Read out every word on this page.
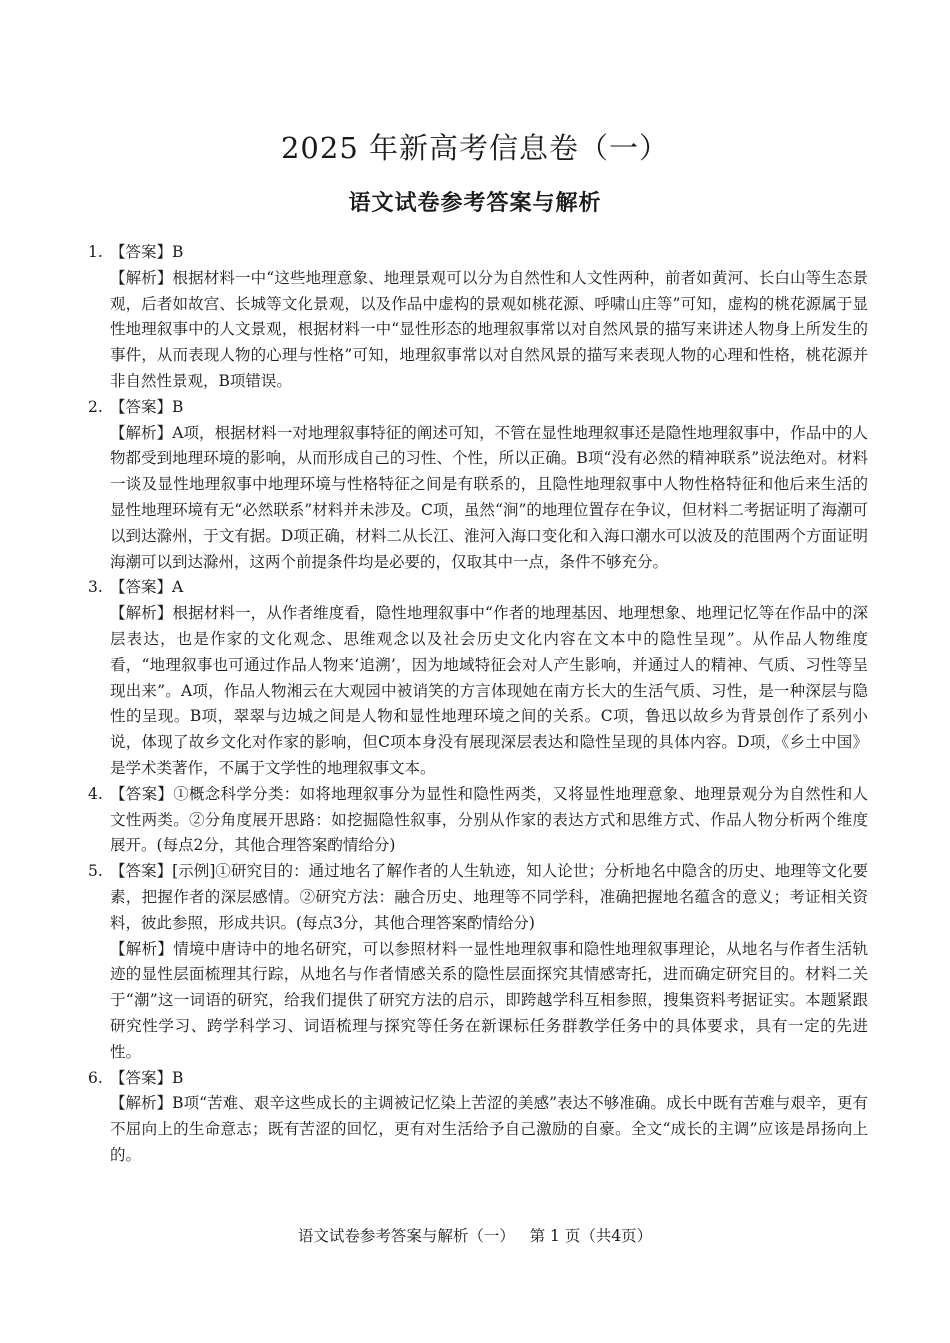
2025 年新高考信息卷（一）
语文试卷参考答案与解析
1. 【答案】B
【解析】根据材料一中“这些地理意象、地理景观可以分为自然性和人文性两种，前者如黄河、长白山等生态景观，后者如故宫、长城等文化景观，以及作品中虚构的景观如桃花源、呼啸山庄等”可知，虚构的桃花源属于显性地理叙事中的人文景观，根据材料一中“显性形态的地理叙事常以对自然风景的描写来讲述人物身上所发生的事件，从而表现人物的心理与性格”可知，地理叙事常以对自然风景的描写来表现人物的心理和性格，桃花源并非自然性景观，B项错误。
2. 【答案】B
【解析】A项，根据材料一对地理叙事特征的阐述可知，不管在显性地理叙事还是隐性地理叙事中，作品中的人物都受到地理环境的影响，从而形成自己的习性、个性，所以正确。B项“没有必然的精神联系”说法绝对。材料一谈及显性地理叙事中地理环境与性格特征之间是有联系的，且隐性地理叙事中人物性格特征和他后来生活的显性地理环境有无“必然联系”材料并未涉及。C项，虽然“涧”的地理位置存在争议，但材料二考据证明了海潮可以到达滁州，于文有据。D项正确，材料二从长江、淮河入海口变化和入海口潮水可以波及的范围两个方面证明海潮可以到达滁州，这两个前提条件均是必要的，仅取其中一点，条件不够充分。
3. 【答案】A
【解析】根据材料一，从作者维度看，隐性地理叙事中“作者的地理基因、地理想象、地理记忆等在作品中的深层表达，也是作家的文化观念、思维观念以及社会历史文化内容在文本中的隐性呈现”。从作品人物维度看，“地理叙事也可通过作品人物来‘追溯’，因为地域特征会对人产生影响，并通过人的精神、气质、习性等呈现出来”。A项，作品人物湘云在大观园中被诮笑的方言体现她在南方长大的生活气质、习性，是一种深层与隐性的呈现。B项，翠翠与边城之间是人物和显性地理环境之间的关系。C项，鲁迅以故乡为背景创作了系列小说，体现了故乡文化对作家的影响，但C项本身没有展现深层表达和隐性呈现的具体内容。D项，《乡土中国》是学术类著作，不属于文学性的地理叙事文本。
4. 【答案】①概念科学分类：如将地理叙事分为显性和隐性两类，又将显性地理意象、地理景观分为自然性和人文性两类。②分角度展开思路：如挖掘隐性叙事，分别从作家的表达方式和思维方式、作品人物分析两个维度展开。(每点2分，其他合理答案酌情给分)
5. 【答案】[示例]①研究目的：通过地名了解作者的人生轨迹，知人论世；分析地名中隐含的历史、地理等文化要素，把握作者的深层感情。②研究方法：融合历史、地理等不同学科，准确把握地名蕴含的意义；考证相关资料，彼此参照，形成共识。(每点3分，其他合理答案酌情给分)
【解析】情境中唐诗中的地名研究，可以参照材料一显性地理叙事和隐性地理叙事理论，从地名与作者生活轨迹的显性层面梳理其行踪，从地名与作者情感关系的隐性层面探究其情感寄托，进而确定研究目的。材料二关于“潮”这一词语的研究，给我们提供了研究方法的启示，即跨越学科互相参照，搜集资料考据证实。本题紧跟研究性学习、跨学科学习、词语梳理与探究等任务在新课标任务群教学任务中的具体要求，具有一定的先进性。
6. 【答案】B
【解析】B项“苦难、艰辛这些成长的主调被记忆染上苦涩的美感”表达不够准确。成长中既有苦难与艰辛，更有不屈向上的生命意志；既有苦涩的回忆，更有对生活给予自己激励的自豪。全文“成长的主调”应该是昂扬向上的。
语文试卷参考答案与解析（一） 第 1 页（共4页）
